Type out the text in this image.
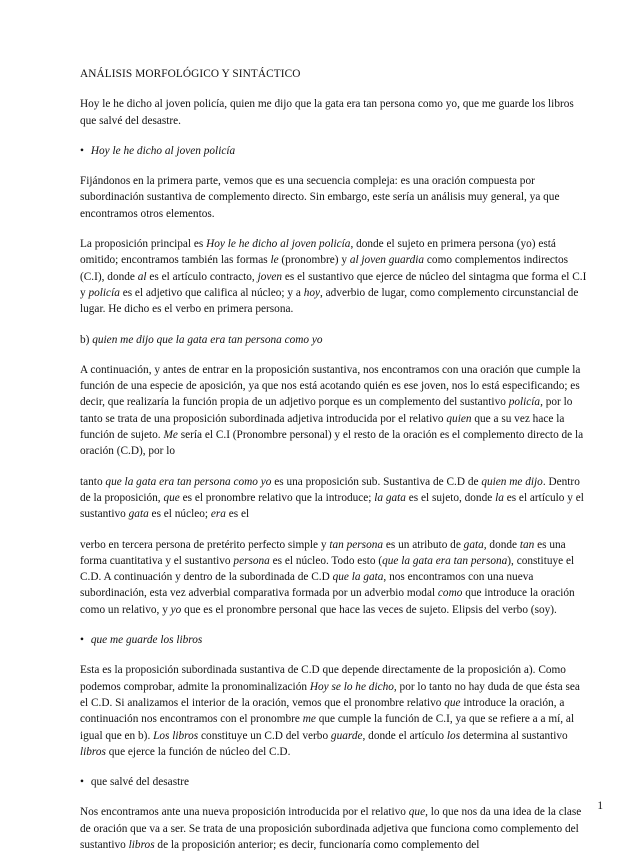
ANÁLISIS MORFOLÓGICO Y SINTÁCTICO

Hoy le he dicho al joven policía, quien me dijo que la gata era tan persona como yo, que me guarde los libros que salvé del desastre.

• Hoy le he dicho al joven policía

Fijándonos en la primera parte, vemos que es una secuencia compleja: es una oración compuesta por subordinación sustantiva de complemento directo. Sin embargo, este sería un análisis muy general, ya que encontramos otros elementos.

La proposición principal es Hoy le he dicho al joven policía, donde el sujeto en primera persona (yo) está omitido; encontramos también las formas le (pronombre) y al joven guardia como complementos indirectos (C.I), donde al es el artículo contracto, joven es el sustantivo que ejerce de núcleo del sintagma que forma el C.I y policía es el adjetivo que califica al núcleo; y a hoy, adverbio de lugar, como complemento circunstancial de lugar. He dicho es el verbo en primera persona.

b) quien me dijo que la gata era tan persona como yo

A continuación, y antes de entrar en la proposición sustantiva, nos encontramos con una oración que cumple la función de una especie de aposición, ya que nos está acotando quién es ese joven, nos lo está especificando; es decir, que realizaría la función propia de un adjetivo porque es un complemento del sustantivo policía, por lo tanto se trata de una proposición subordinada adjetiva introducida por el relativo quien que a su vez hace la función de sujeto. Me sería el C.I (Pronombre personal) y el resto de la oración es el complemento directo de la oración (C.D), por lo

tanto que la gata era tan persona como yo es una proposición sub. Sustantiva de C.D de quien me dijo. Dentro de la proposición, que es el pronombre relativo que la introduce; la gata es el sujeto, donde la es el artículo y el sustantivo gata es el núcleo; era es el

verbo en tercera persona de pretérito perfecto simple y tan persona es un atributo de gata, donde tan es una forma cuantitativa y el sustantivo persona es el núcleo. Todo esto (que la gata era tan persona), constituye el C.D. A continuación y dentro de la subordinada de C.D que la gata, nos encontramos con una nueva subordinación, esta vez adverbial comparativa formada por un adverbio modal como que introduce la oración como un relativo, y yo que es el pronombre personal que hace las veces de sujeto. Elipsis del verbo (soy).

• que me guarde los libros

Esta es la proposición subordinada sustantiva de C.D que depende directamente de la proposición a). Como podemos comprobar, admite la pronominalización Hoy se lo he dicho, por lo tanto no hay duda de que ésta sea el C.D. Si analizamos el interior de la oración, vemos que el pronombre relativo que introduce la oración, a continuación nos encontramos con el pronombre me que cumple la función de C.I, ya que se refiere a a mí, al igual que en b). Los libros constituye un C.D del verbo guarde, donde el artículo los determina al sustantivo libros que ejerce la función de núcleo del C.D.

• que salvé del desastre

Nos encontramos ante una nueva proposición introducida por el relativo que, lo que nos da una idea de la clase de oración que va a ser. Se trata de una proposición subordinada adjetiva que funciona como complemento del sustantivo libros de la proposición anterior; es decir, funcionaría como complemento del

1
